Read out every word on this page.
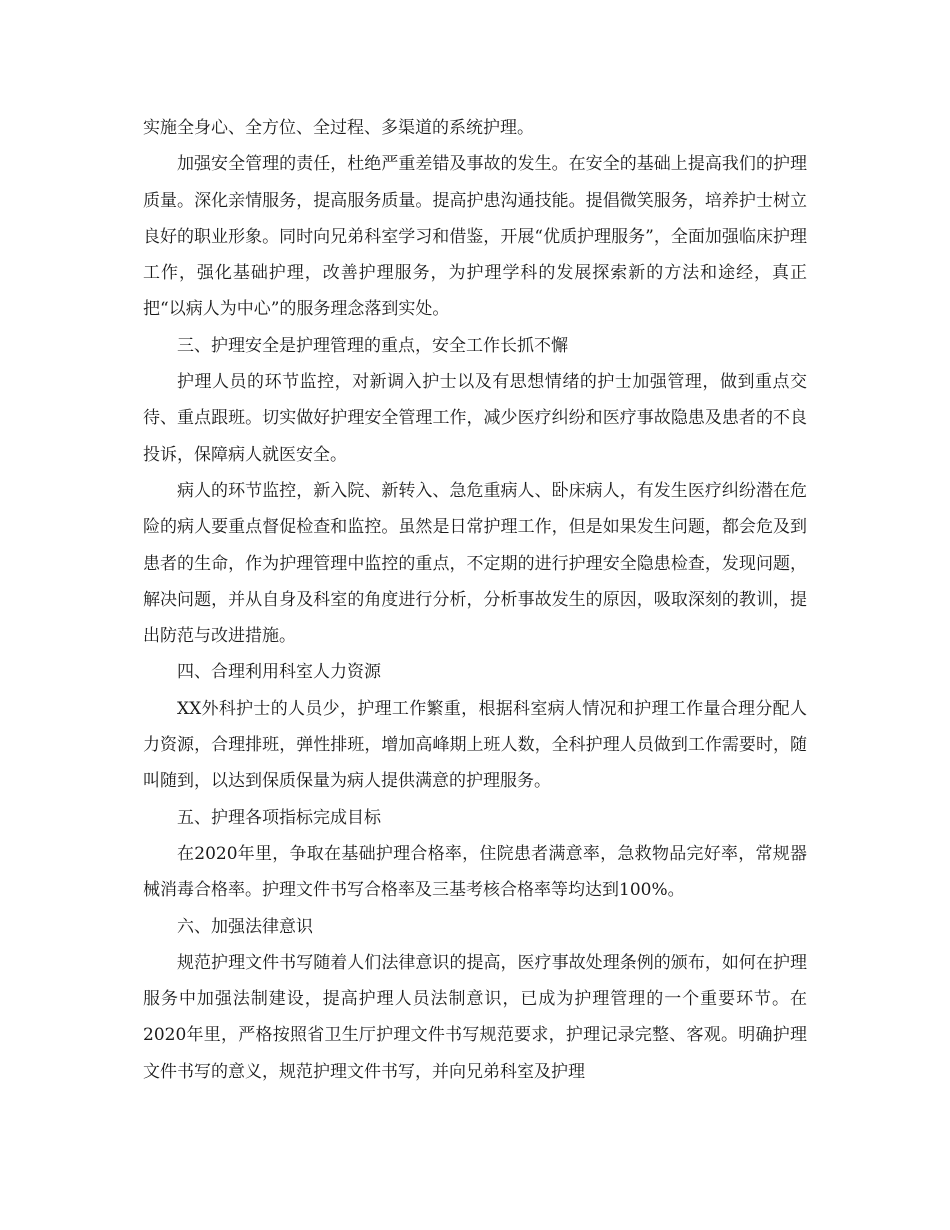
实施全身心、全方位、全过程、多渠道的系统护理。

加强安全管理的责任，杜绝严重差错及事故的发生。在安全的基础上提高我们的护理质量。深化亲情服务，提高服务质量。提高护患沟通技能。提倡微笑服务，培养护士树立良好的职业形象。同时向兄弟科室学习和借鉴，开展“优质护理服务”，全面加强临床护理工作，强化基础护理，改善护理服务，为护理学科的发展探索新的方法和途经，真正把“以病人为中心”的服务理念落到实处。

三、护理安全是护理管理的重点，安全工作长抓不懈

护理人员的环节监控，对新调入护士以及有思想情绪的护士加强管理，做到重点交待、重点跟班。切实做好护理安全管理工作，减少医疗纠纷和医疗事故隐患及患者的不良投诉，保障病人就医安全。

病人的环节监控，新入院、新转入、急危重病人、卧床病人，有发生医疗纠纷潜在危险的病人要重点督促检查和监控。虽然是日常护理工作，但是如果发生问题，都会危及到患者的生命，作为护理管理中监控的重点，不定期的进行护理安全隐患检查，发现问题，解决问题，并从自身及科室的角度进行分析，分析事故发生的原因，吸取深刻的教训，提出防范与改进措施。

四、合理利用科室人力资源

XX外科护士的人员少，护理工作繁重，根据科室病人情况和护理工作量合理分配人力资源，合理排班，弹性排班，增加高峰期上班人数，全科护理人员做到工作需要时，随叫随到，以达到保质保量为病人提供满意的护理服务。

五、护理各项指标完成目标

在2020年里，争取在基础护理合格率，住院患者满意率，急救物品完好率，常规器械消毒合格率。护理文件书写合格率及三基考核合格率等均达到100%。

六、加强法律意识

规范护理文件书写随着人们法律意识的提高，医疗事故处理条例的颁布，如何在护理服务中加强法制建设，提高护理人员法制意识，已成为护理管理的一个重要环节。在2020年里，严格按照省卫生厅护理文件书写规范要求，护理记录完整、客观。明确护理文件书写的意义，规范护理文件书写，并向兄弟科室及护理
